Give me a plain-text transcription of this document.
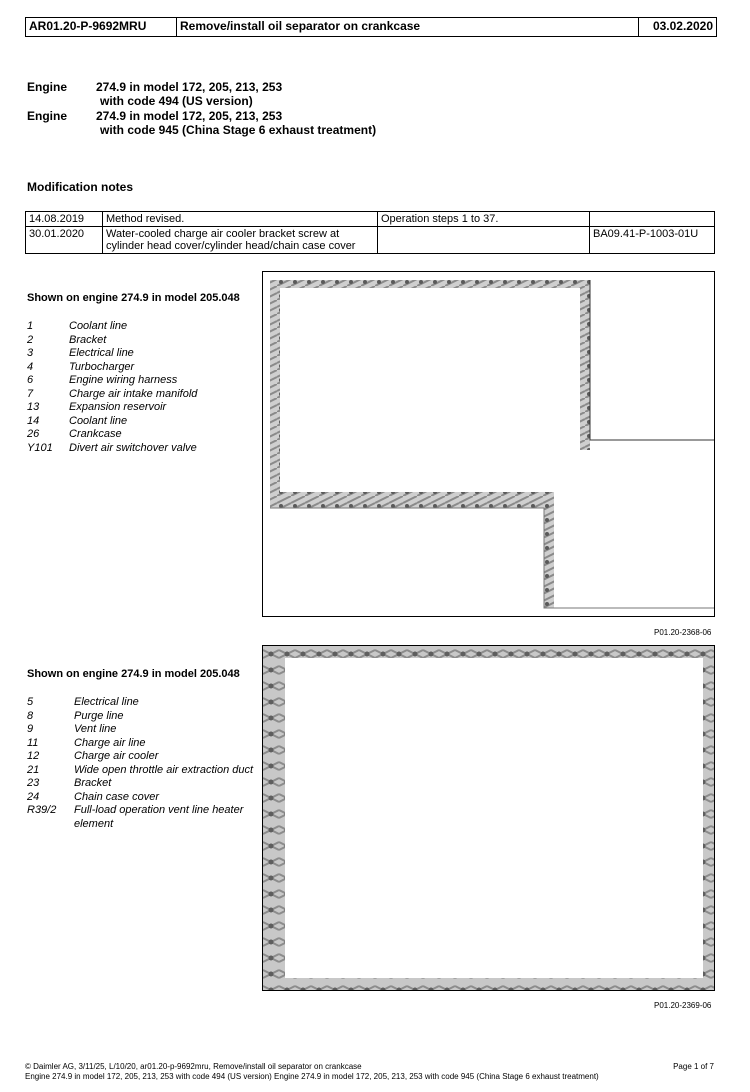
AR01.20-P-9692MRU	Remove/install oil separator on crankcase	03.02.2020
Engine 274.9 in model 172, 205, 213, 253
with code 494 (US version)
Engine 274.9 in model 172, 205, 213, 253
with code 945 (China Stage 6 exhaust treatment)
Modification notes
14.08.2019	Method revised.	Operation steps 1 to 37.	
30.01.2020	Water-cooled charge air cooler bracket screw at cylinder head cover/cylinder head/chain case cover		BA09.41-P-1003-01U
Shown on engine 274.9 in model 205.048
1	Coolant line
2	Bracket
3	Electrical line
4	Turbocharger
6	Engine wiring harness
7	Charge air intake manifold
13	Expansion reservoir
14	Coolant line
26	Crankcase
Y101	Divert air switchover valve
P01.20-2368-06
Shown on engine 274.9 in model 205.048
5	Electrical line
8	Purge line
9	Vent line
11	Charge air line
12	Charge air cooler
21	Wide open throttle air extraction duct
23	Bracket
24	Chain case cover
R39/2	Full-load operation vent line heater element
P01.20-2369-06
© Daimler AG, 3/11/25, L/10/20, ar01.20-p-9692mru, Remove/install oil separator on crankcase
Engine 274.9 in model 172, 205, 213, 253 with code 494 (US version) Engine 274.9 in model 172, 205, 213, 253 with code 945 (China Stage 6 exhaust treatment)
Page 1 of 7
